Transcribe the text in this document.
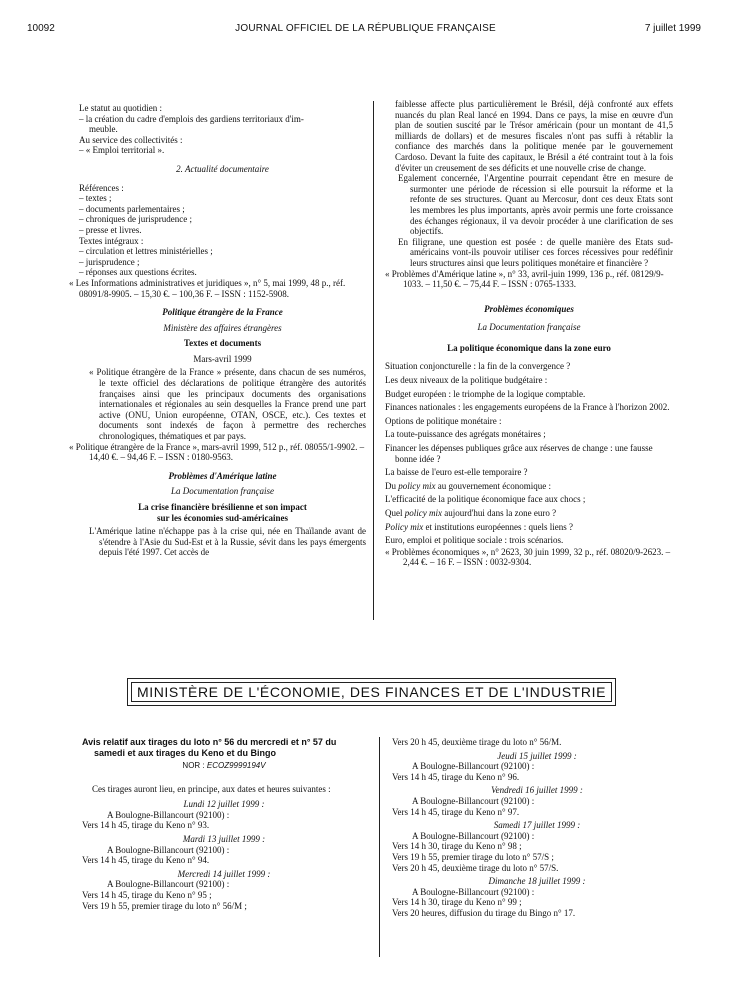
10092	JOURNAL OFFICIEL DE LA RÉPUBLIQUE FRANÇAISE	7 juillet 1999

Le statut au quotidien :

– la création du cadre d'emplois des gardiens territoriaux d'im-
meuble.

Au service des collectivités :

– « Emploi territorial ».

2. Actualité documentaire

Références :

– textes ;

– documents parlementaires ;

– chroniques de jurisprudence ;

– presse et livres.

Textes intégraux :

– circulation et lettres ministérielles ;

– jurisprudence ;

– réponses aux questions écrites.

« Les Informations administratives et juridiques », n° 5, mai 1999, 48 p., réf. 08091/8-9905. – 15,30 €. – 100,36 F. – ISSN : 1152-5908.

Politique étrangère de la France

Ministère des affaires étrangères

Textes et documents

Mars-avril 1999

« Politique étrangère de la France » présente, dans chacun de ses numéros, le texte officiel des déclarations de politique étrangère des autorités françaises ainsi que les principaux documents des organisations internationales et régionales au sein desquelles la France prend une part active (ONU, Union européenne, OTAN, OSCE, etc.). Ces textes et documents sont indexés de façon à permettre des recherches chronologiques, thématiques et par pays.

« Politique étrangère de la France », mars-avril 1999, 512 p., réf. 08055/1-9902. – 14,40 €. – 94,46 F. – ISSN : 0180-9563.

Problèmes d'Amérique latine

La Documentation française

La crise financière brésilienne et son impact

sur les économies sud-américaines

L'Amérique latine n'échappe pas à la crise qui, née en Thaïlande avant de s'étendre à l'Asie du Sud-Est et à la Russie, sévit dans les pays émergents depuis l'été 1997. Cet accès de

faiblesse affecte plus particulièrement le Brésil, déjà confronté aux effets nuancés du plan Real lancé en 1994. Dans ce pays, la mise en œuvre d'un plan de soutien suscité par le Trésor américain (pour un montant de 41,5 milliards de dollars) et de mesures fiscales n'ont pas suffi à rétablir la confiance des marchés dans la politique menée par le gouvernement Cardoso. Devant la fuite des capitaux, le Brésil a été contraint tout à la fois d'éviter un creusement de ses déficits et une nouvelle crise de change.

Egalement concernée, l'Argentine pourrait cependant être en mesure de surmonter une période de récession si elle poursuit la réforme et la refonte de ses structures. Quant au Mercosur, dont ces deux Etats sont les membres les plus importants, après avoir permis une forte croissance des échanges régionaux, il va devoir procéder à une clarification de ses objectifs.

En filigrane, une question est posée : de quelle manière des Etats sud-américains vont-ils pouvoir utiliser ces forces récessives pour redéfinir leurs structures ainsi que leurs politiques monétaire et financière ?

« Problèmes d'Amérique latine », n° 33, avril-juin 1999, 136 p., réf. 08129/9-1033. – 11,50 €. – 75,44 F. – ISSN : 0765-1333.

Problèmes économiques

La Documentation française

La politique économique dans la zone euro

Situation conjoncturelle : la fin de la convergence ?

Les deux niveaux de la politique budgétaire :

Budget européen : le triomphe de la logique comptable.

Finances nationales : les engagements européens de la France à l'horizon 2002.

Options de politique monétaire :

La toute-puissance des agrégats monétaires ;

Financer les dépenses publiques grâce aux réserves de change : une fausse bonne idée ?

La baisse de l'euro est-elle temporaire ?

Du policy mix au gouvernement économique :

L'efficacité de la politique économique face aux chocs ;

Quel policy mix aujourd'hui dans la zone euro ?

Policy mix et institutions européennes : quels liens ?

Euro, emploi et politique sociale : trois scénarios.

« Problèmes économiques », n° 2623, 30 juin 1999, 32 p., réf. 08020/9-2623. – 2,44 €. – 16 F. – ISSN : 0032-9304.

MINISTÈRE DE L'ÉCONOMIE, DES FINANCES ET DE L'INDUSTRIE

Avis relatif aux tirages du loto n° 56 du mercredi et n° 57 du samedi et aux tirages du Keno et du Bingo

NOR : ECOZ9999194V

Ces tirages auront lieu, en principe, aux dates et heures suivantes :

Lundi 12 juillet 1999 :

A Boulogne-Billancourt (92100) :

Vers 14 h 45, tirage du Keno n° 93.

Mardi 13 juillet 1999 :

A Boulogne-Billancourt (92100) :

Vers 14 h 45, tirage du Keno n° 94.

Mercredi 14 juillet 1999 :

A Boulogne-Billancourt (92100) :

Vers 14 h 45, tirage du Keno n° 95 ;

Vers 19 h 55, premier tirage du loto n° 56/M ;

Vers 20 h 45, deuxième tirage du loto n° 56/M.

Jeudi 15 juillet 1999 :

A Boulogne-Billancourt (92100) :

Vers 14 h 45, tirage du Keno n° 96.

Vendredi 16 juillet 1999 :

A Boulogne-Billancourt (92100) :

Vers 14 h 45, tirage du Keno n° 97.

Samedi 17 juillet 1999 :

A Boulogne-Billancourt (92100) :

Vers 14 h 30, tirage du Keno n° 98 ;

Vers 19 h 55, premier tirage du loto n° 57/S ;

Vers 20 h 45, deuxième tirage du loto n° 57/S.

Dimanche 18 juillet 1999 :

A Boulogne-Billancourt (92100) :

Vers 14 h 30, tirage du Keno n° 99 ;

Vers 20 heures, diffusion du tirage du Bingo n° 17.
